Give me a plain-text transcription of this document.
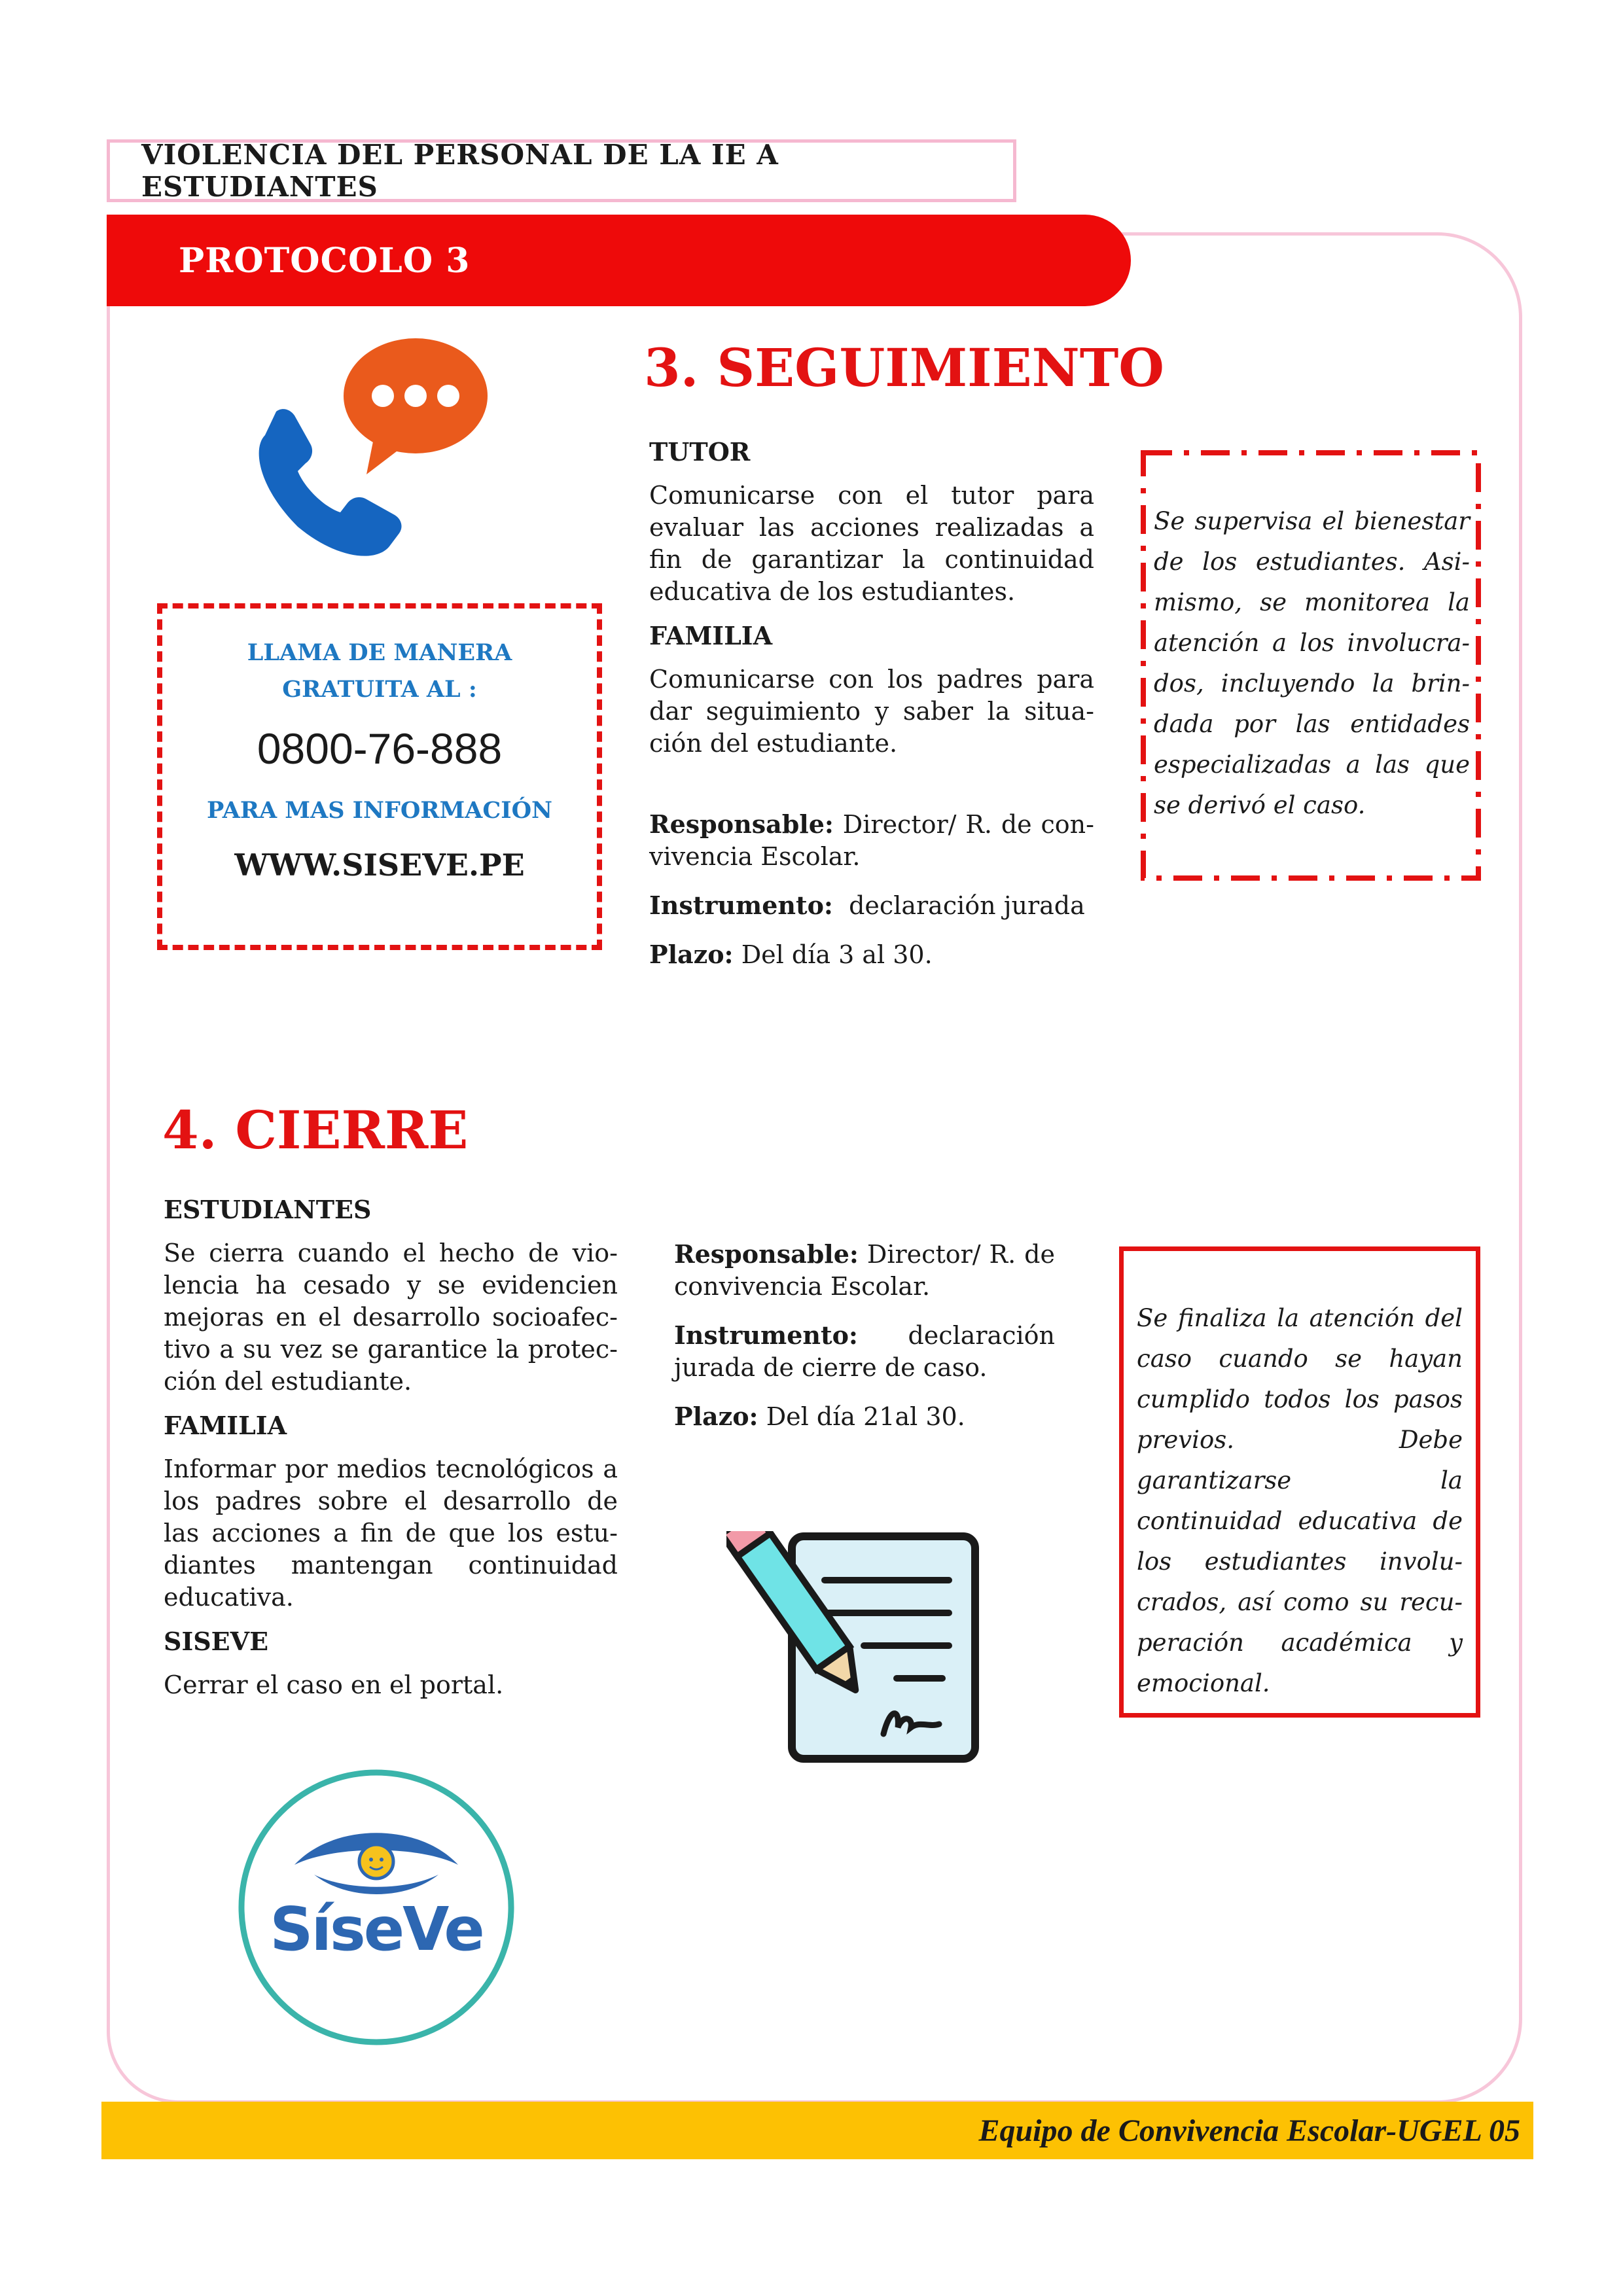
VIOLENCIA DEL PERSONAL DE LA IE A ESTUDIANTES
PROTOCOLO 3
LLAMA DE MANERA GRATUITA AL :
0800-76-888
PARA MAS INFORMACIÓN
WWW.SISEVE.PE
3. SEGUIMIENTO
TUTOR
Comunicarse con el tutor para evaluar las acciones realizadas a fin de garantizar la continuidad educativa de los estudiantes.
FAMILIA
Comunicarse con los padres para dar seguimiento y saber la situación del estudiante.
Responsable: Director/ R. de convivencia Escolar.
Instrumento: declaración jurada
Plazo: Del día 3 al 30.
Se supervisa el bienestar de los estudiantes. Asimismo, se monitorea la atención a los involucrados, incluyendo la brindada por las entidades especializadas a las que se derivó el caso.
4. CIERRE
ESTUDIANTES
Se cierra cuando el hecho de violencia ha cesado y se evidencien mejoras en el desarrollo socioafectivo a su vez se garantice la protección del estudiante.
FAMILIA
Informar por medios tecnológicos a los padres sobre el desarrollo de las acciones a fin de que los estudiantes mantengan continuidad educativa.
SISEVE
Cerrar el caso en el portal.
Responsable: Director/ R. de convivencia Escolar.
Instrumento: declaración jurada de cierre de caso.
Plazo: Del día 21al 30.
Se finaliza la atención del caso cuando se hayan cumplido todos los pasos previos. Debe garantizarse la continuidad educativa de los estudiantes involucrados, así como su recuperación académica y emocional.
SíseVe
Equipo de Convivencia Escolar-UGEL 05
